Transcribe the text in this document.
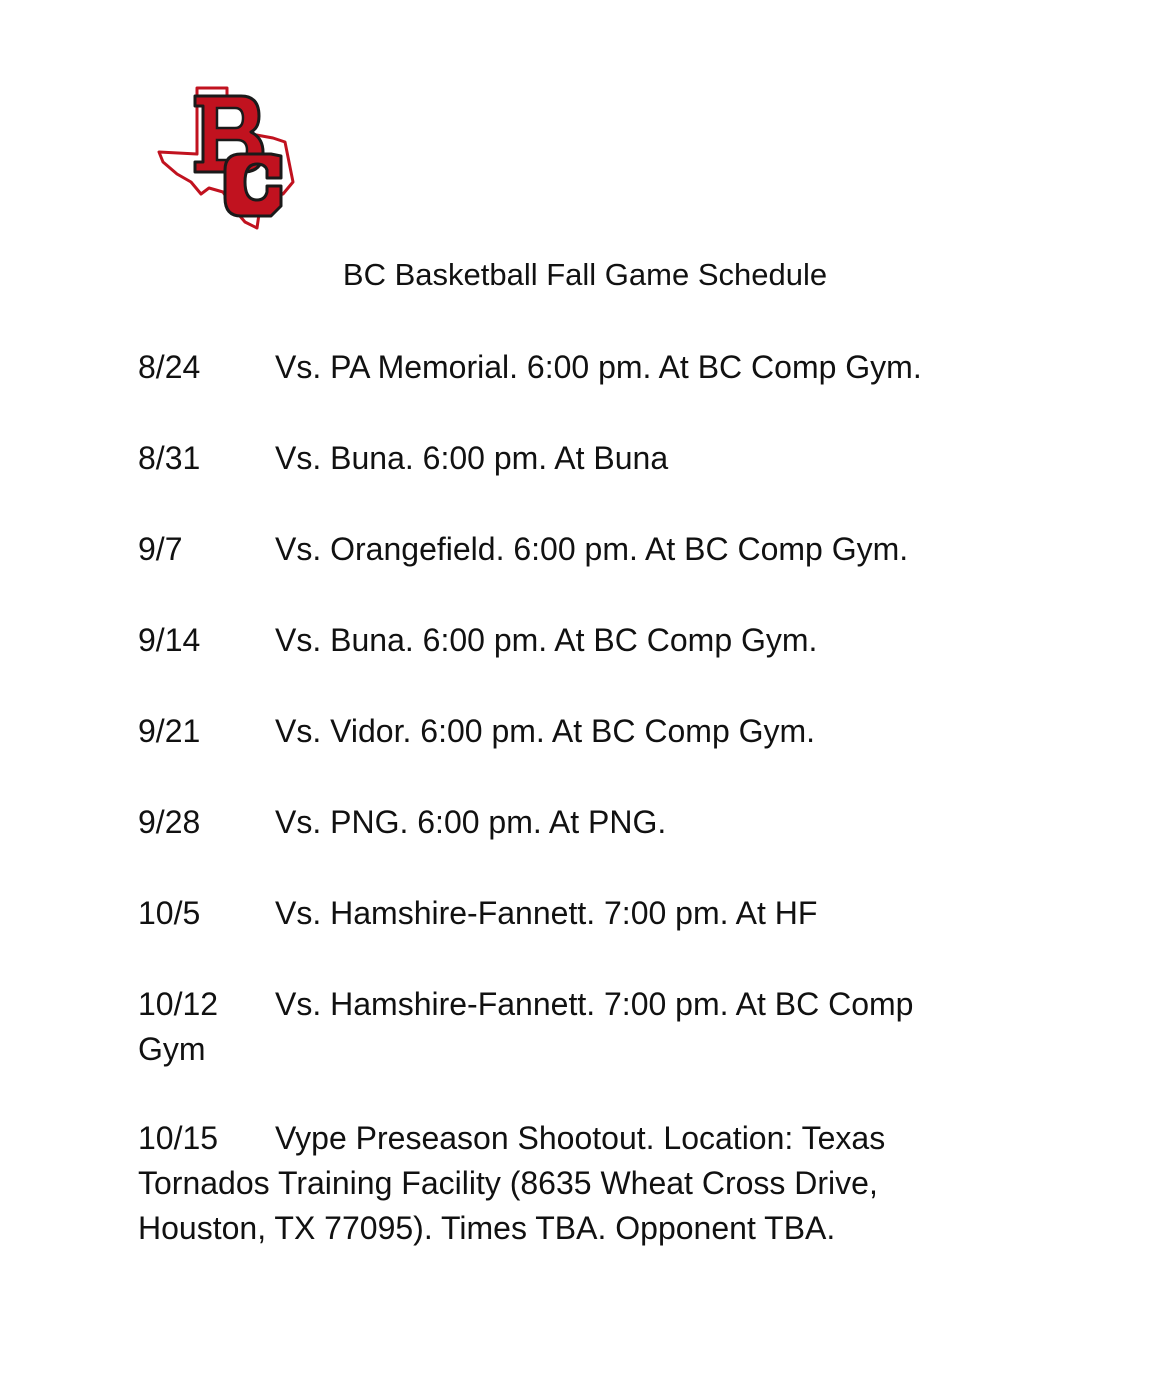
BC Basketball Fall Game Schedule
8/24 Vs. PA Memorial. 6:00 pm. At BC Comp Gym.
8/31 Vs. Buna. 6:00 pm. At Buna
9/7	Vs. Orangefield. 6:00 pm. At BC Comp Gym.
9/14 Vs. Buna. 6:00 pm. At BC Comp Gym.
9/21 Vs. Vidor. 6:00 pm. At BC Comp Gym.
9/28 Vs. PNG. 6:00 pm. At PNG.
10/5 Vs. Hamshire-Fannett. 7:00 pm. At HF
10/12 Vs. Hamshire-Fannett. 7:00 pm. At BC Comp Gym
10/15 Vype Preseason Shootout. Location: Texas Tornados Training Facility (8635 Wheat Cross Drive, Houston, TX 77095). Times TBA. Opponent TBA.
